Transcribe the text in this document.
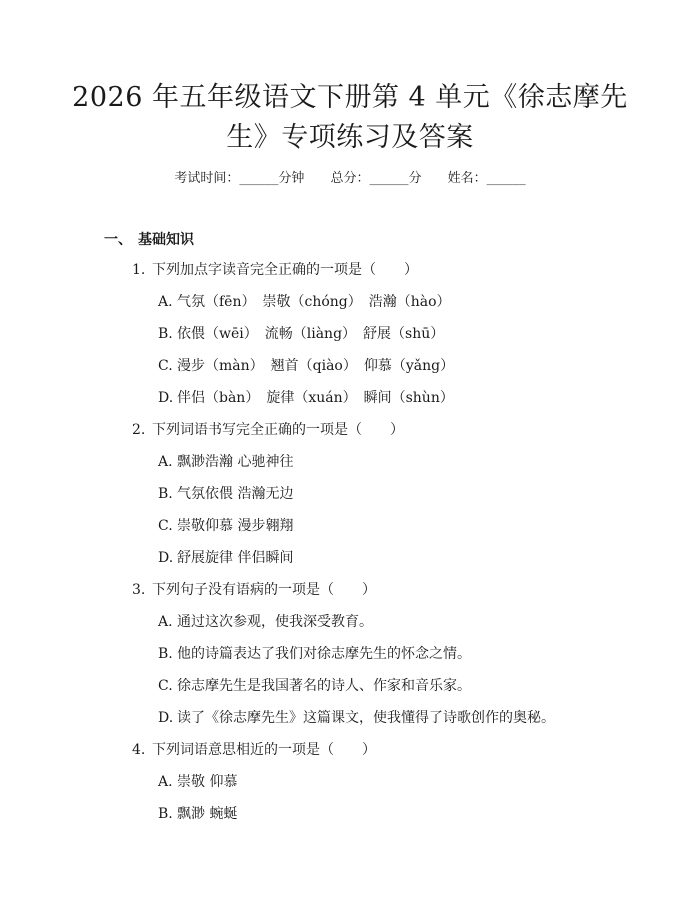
2026 年五年级语文下册第 4 单元《徐志摩先生》专项练习及答案
考试时间：______分钟 总分：______分 姓名：______
一、 基础知识
1. 下列加点字读音完全正确的一项是（　　）
A. 气氛（fēn）　崇敬（chóng）　浩瀚（hào）
B. 依偎（wēi）　流畅（liàng）　舒展（shū）
C. 漫步（màn）　翘首（qiào）　仰慕（yǎng）
D. 伴侣（bàn）　旋律（xuán）　瞬间（shùn）
2. 下列词语书写完全正确的一项是（　　）
A. 飘渺浩瀚 心驰神往
B. 气氛依偎 浩瀚无边
C. 崇敬仰慕 漫步翱翔
D. 舒展旋律 伴侣瞬间
3. 下列句子没有语病的一项是（　　）
A. 通过这次参观，使我深受教育。
B. 他的诗篇表达了我们对徐志摩先生的怀念之情。
C. 徐志摩先生是我国著名的诗人、作家和音乐家。
D. 读了《徐志摩先生》这篇课文，使我懂得了诗歌创作的奥秘。
4. 下列词语意思相近的一项是（　　）
A. 崇敬 仰慕
B. 飘渺 蜿蜒
